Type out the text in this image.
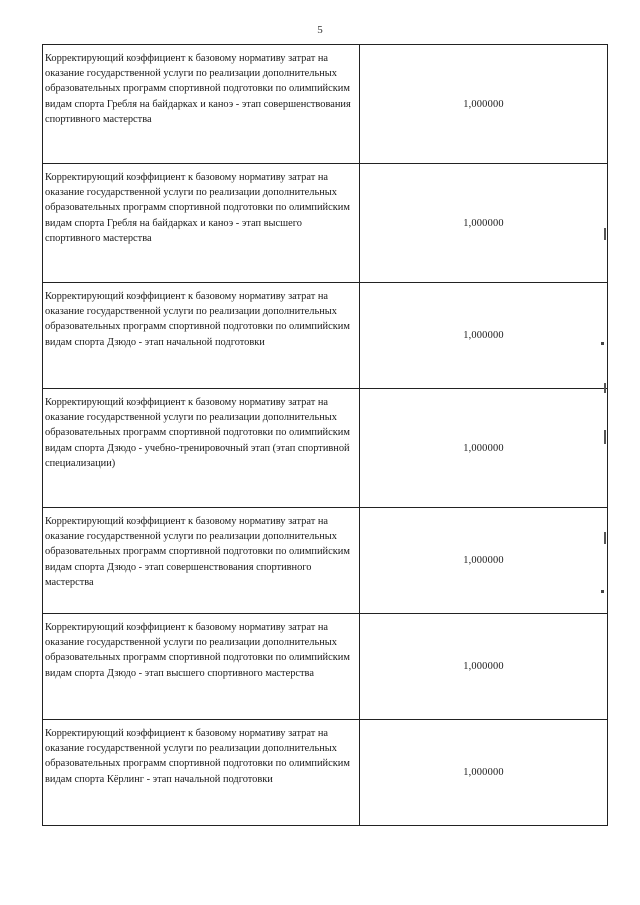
5
Корректирующий коэффициент к базовому нормативу затрат на оказание государственной услуги по реализации дополнительных образовательных программ спортивной подготовки по олимпийским видам спорта Гребля на байдарках и каноэ - этап совершенствования спортивного мастерства	1,000000
Корректирующий коэффициент к базовому нормативу затрат на оказание государственной услуги по реализации дополнительных образовательных программ спортивной подготовки по олимпийским видам спорта Гребля на байдарках и каноэ - этап высшего спортивного мастерства	1,000000
Корректирующий коэффициент к базовому нормативу затрат на оказание государственной услуги по реализации дополнительных образовательных программ спортивной подготовки по олимпийским видам спорта Дзюдо - этап начальной подготовки	1,000000
Корректирующий коэффициент к базовому нормативу затрат на оказание государственной услуги по реализации дополнительных образовательных программ спортивной подготовки по олимпийским видам спорта Дзюдо - учебно-тренировочный этап (этап спортивной специализации)	1,000000
Корректирующий коэффициент к базовому нормативу затрат на оказание государственной услуги по реализации дополнительных образовательных программ спортивной подготовки по олимпийским видам спорта Дзюдо - этап совершенствования спортивного мастерства	1,000000
Корректирующий коэффициент к базовому нормативу затрат на оказание государственной услуги по реализации дополнительных образовательных программ спортивной подготовки по олимпийским видам спорта Дзюдо - этап высшего спортивного мастерства	1,000000
Корректирующий коэффициент к базовому нормативу затрат на оказание государственной услуги по реализации дополнительных образовательных программ спортивной подготовки по олимпийским видам спорта Кёрлинг - этап начальной подготовки	1,000000
